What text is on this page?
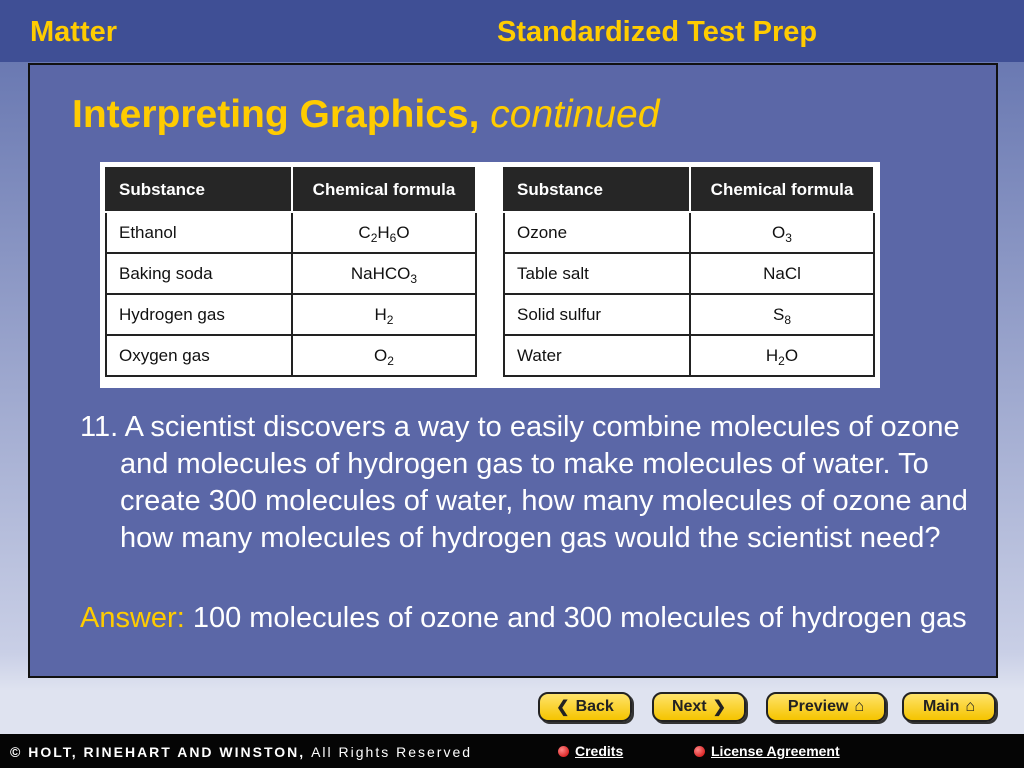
Matter	Standardized Test Prep
Interpreting Graphics, continued
Substance	Chemical formula
Ethanol	$C_2H_6O$
Baking soda	NaHCO$_3$
Hydrogen gas	$H_2$
Oxygen gas	$O_2$
Substance	Chemical formula
Ozone	$O_3$
Table salt	NaCl
Solid sulfur	$S_8$
Water	$H_2O$
11. A scientist discovers a way to easily combine molecules of ozone and molecules of hydrogen gas to make molecules of water. To create 300 molecules of water, how many molecules of ozone and how many molecules of hydrogen gas would the scientist need?
Answer: 100 molecules of ozone and 300 molecules of hydrogen gas
❮ Back	Next ❯	Preview ⌂	Main ⌂
© HOLT, RINEHART AND WINSTON, All Rights Reserved	Credits	License Agreement
